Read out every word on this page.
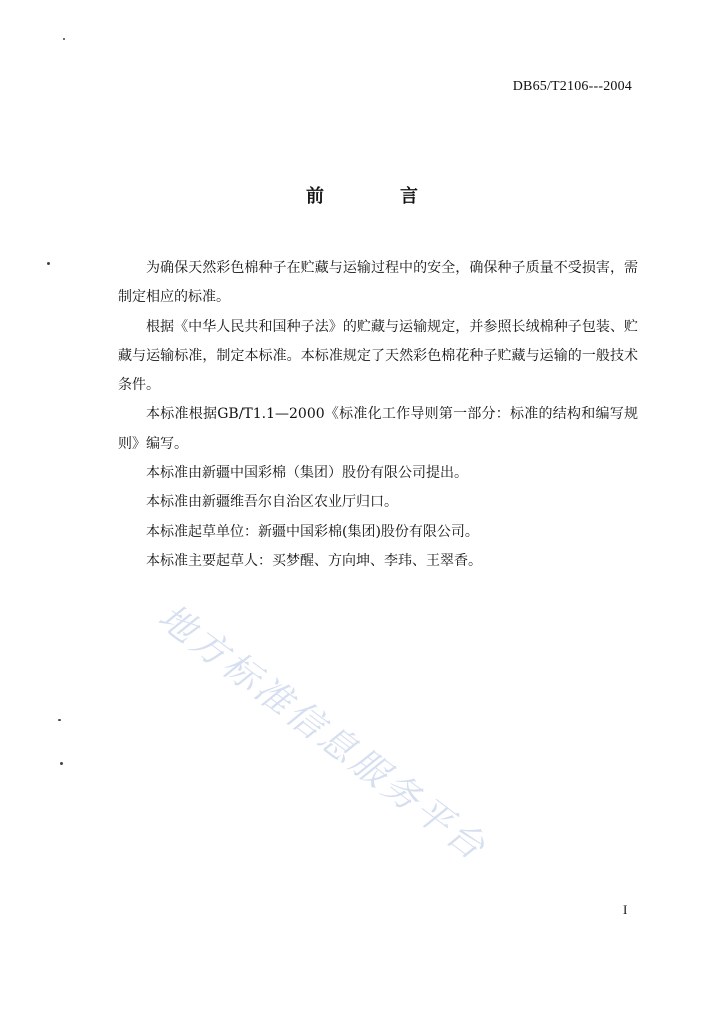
DB65/T2106---2004
前	言

为确保天然彩色棉种子在贮藏与运输过程中的安全，确保种子质量不受损害，需制定相应的标准。

根据《中华人民共和国种子法》的贮藏与运输规定，并参照长绒棉种子包装、贮藏与运输标准，制定本标准。本标准规定了天然彩色棉花种子贮藏与运输的一般技术条件。

本标准根据GB/T1.1—2000《标准化工作导则第一部分：标准的结构和编写规则》编写。

本标准由新疆中国彩棉（集团）股份有限公司提出。

本标准由新疆维吾尔自治区农业厅归口。

本标准起草单位：新疆中国彩棉(集团)股份有限公司。

本标准主要起草人：买梦醒、方向坤、李玮、王翠香。

地方标准信息服务平台
I
